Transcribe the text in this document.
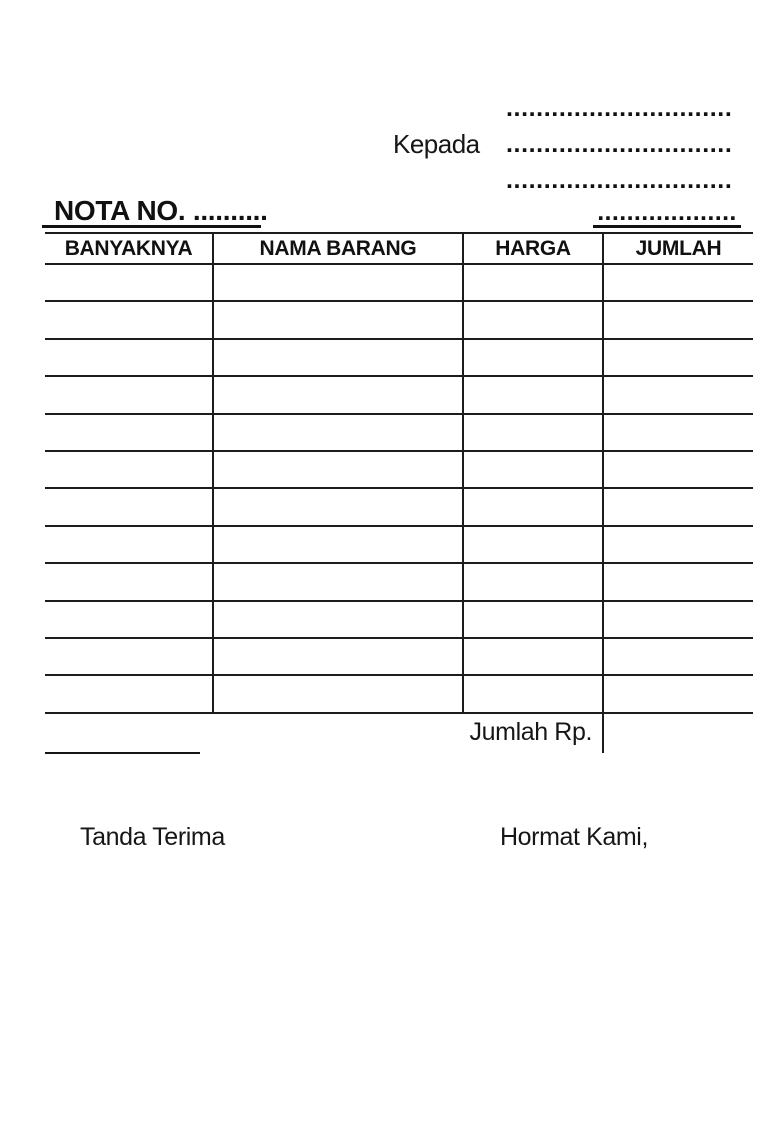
Kepada
..............................
..............................
..............................
NOTA NO. ..........	...................
BANYAKNYA	NAMA BARANG	HARGA	JUMLAH
Jumlah Rp.
Tanda Terima	Hormat Kami,
